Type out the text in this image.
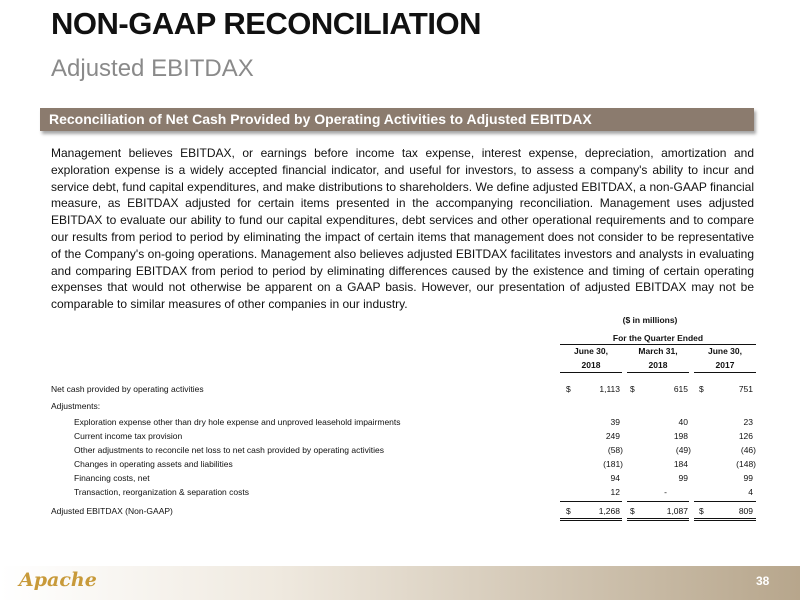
NON-GAAP RECONCILIATION
Adjusted EBITDAX
Reconciliation of Net Cash Provided by Operating Activities to Adjusted EBITDAX
Management believes EBITDAX, or earnings before income tax expense, interest expense, depreciation, amortization and exploration expense is a widely accepted financial indicator, and useful for investors, to assess a company's ability to incur and service debt, fund capital expenditures, and make distributions to shareholders. We define adjusted EBITDAX, a non-GAAP financial measure, as EBITDAX adjusted for certain items presented in the accompanying reconciliation. Management uses adjusted EBITDAX to evaluate our ability to fund our capital expenditures, debt services and other operational requirements and to compare our results from period to period by eliminating the impact of certain items that management does not consider to be representative of the Company's on-going operations. Management also believes adjusted EBITDAX facilitates investors and analysts in evaluating and comparing EBITDAX from period to period by eliminating differences caused by the existence and timing of certain operating expenses that would not otherwise be apparent on a GAAP basis. However, our presentation of adjusted EBITDAX may not be comparable to similar measures of other companies in our industry.
($ in millions)
For the Quarter Ended
June 30,	March 31,	June 30,
2018	2018	2017
Net cash provided by operating activities	$	1,113 $	615 $	751
Adjustments:
Exploration expense other than dry hole expense and unproved leasehold impairments	39	40	23
Current income tax provision	249	198	126
Other adjustments to reconcile net loss to net cash provided by operating activities	(58)	(49)	(46)
Changes in operating assets and liabilities	(181)	184	(148)
Financing costs, net	94	99	99
Transaction, reorganization & separation costs	12	-	4
Adjusted EBITDAX (Non-GAAP)	$	1,268 $	1,087 $	809
Apache	38
